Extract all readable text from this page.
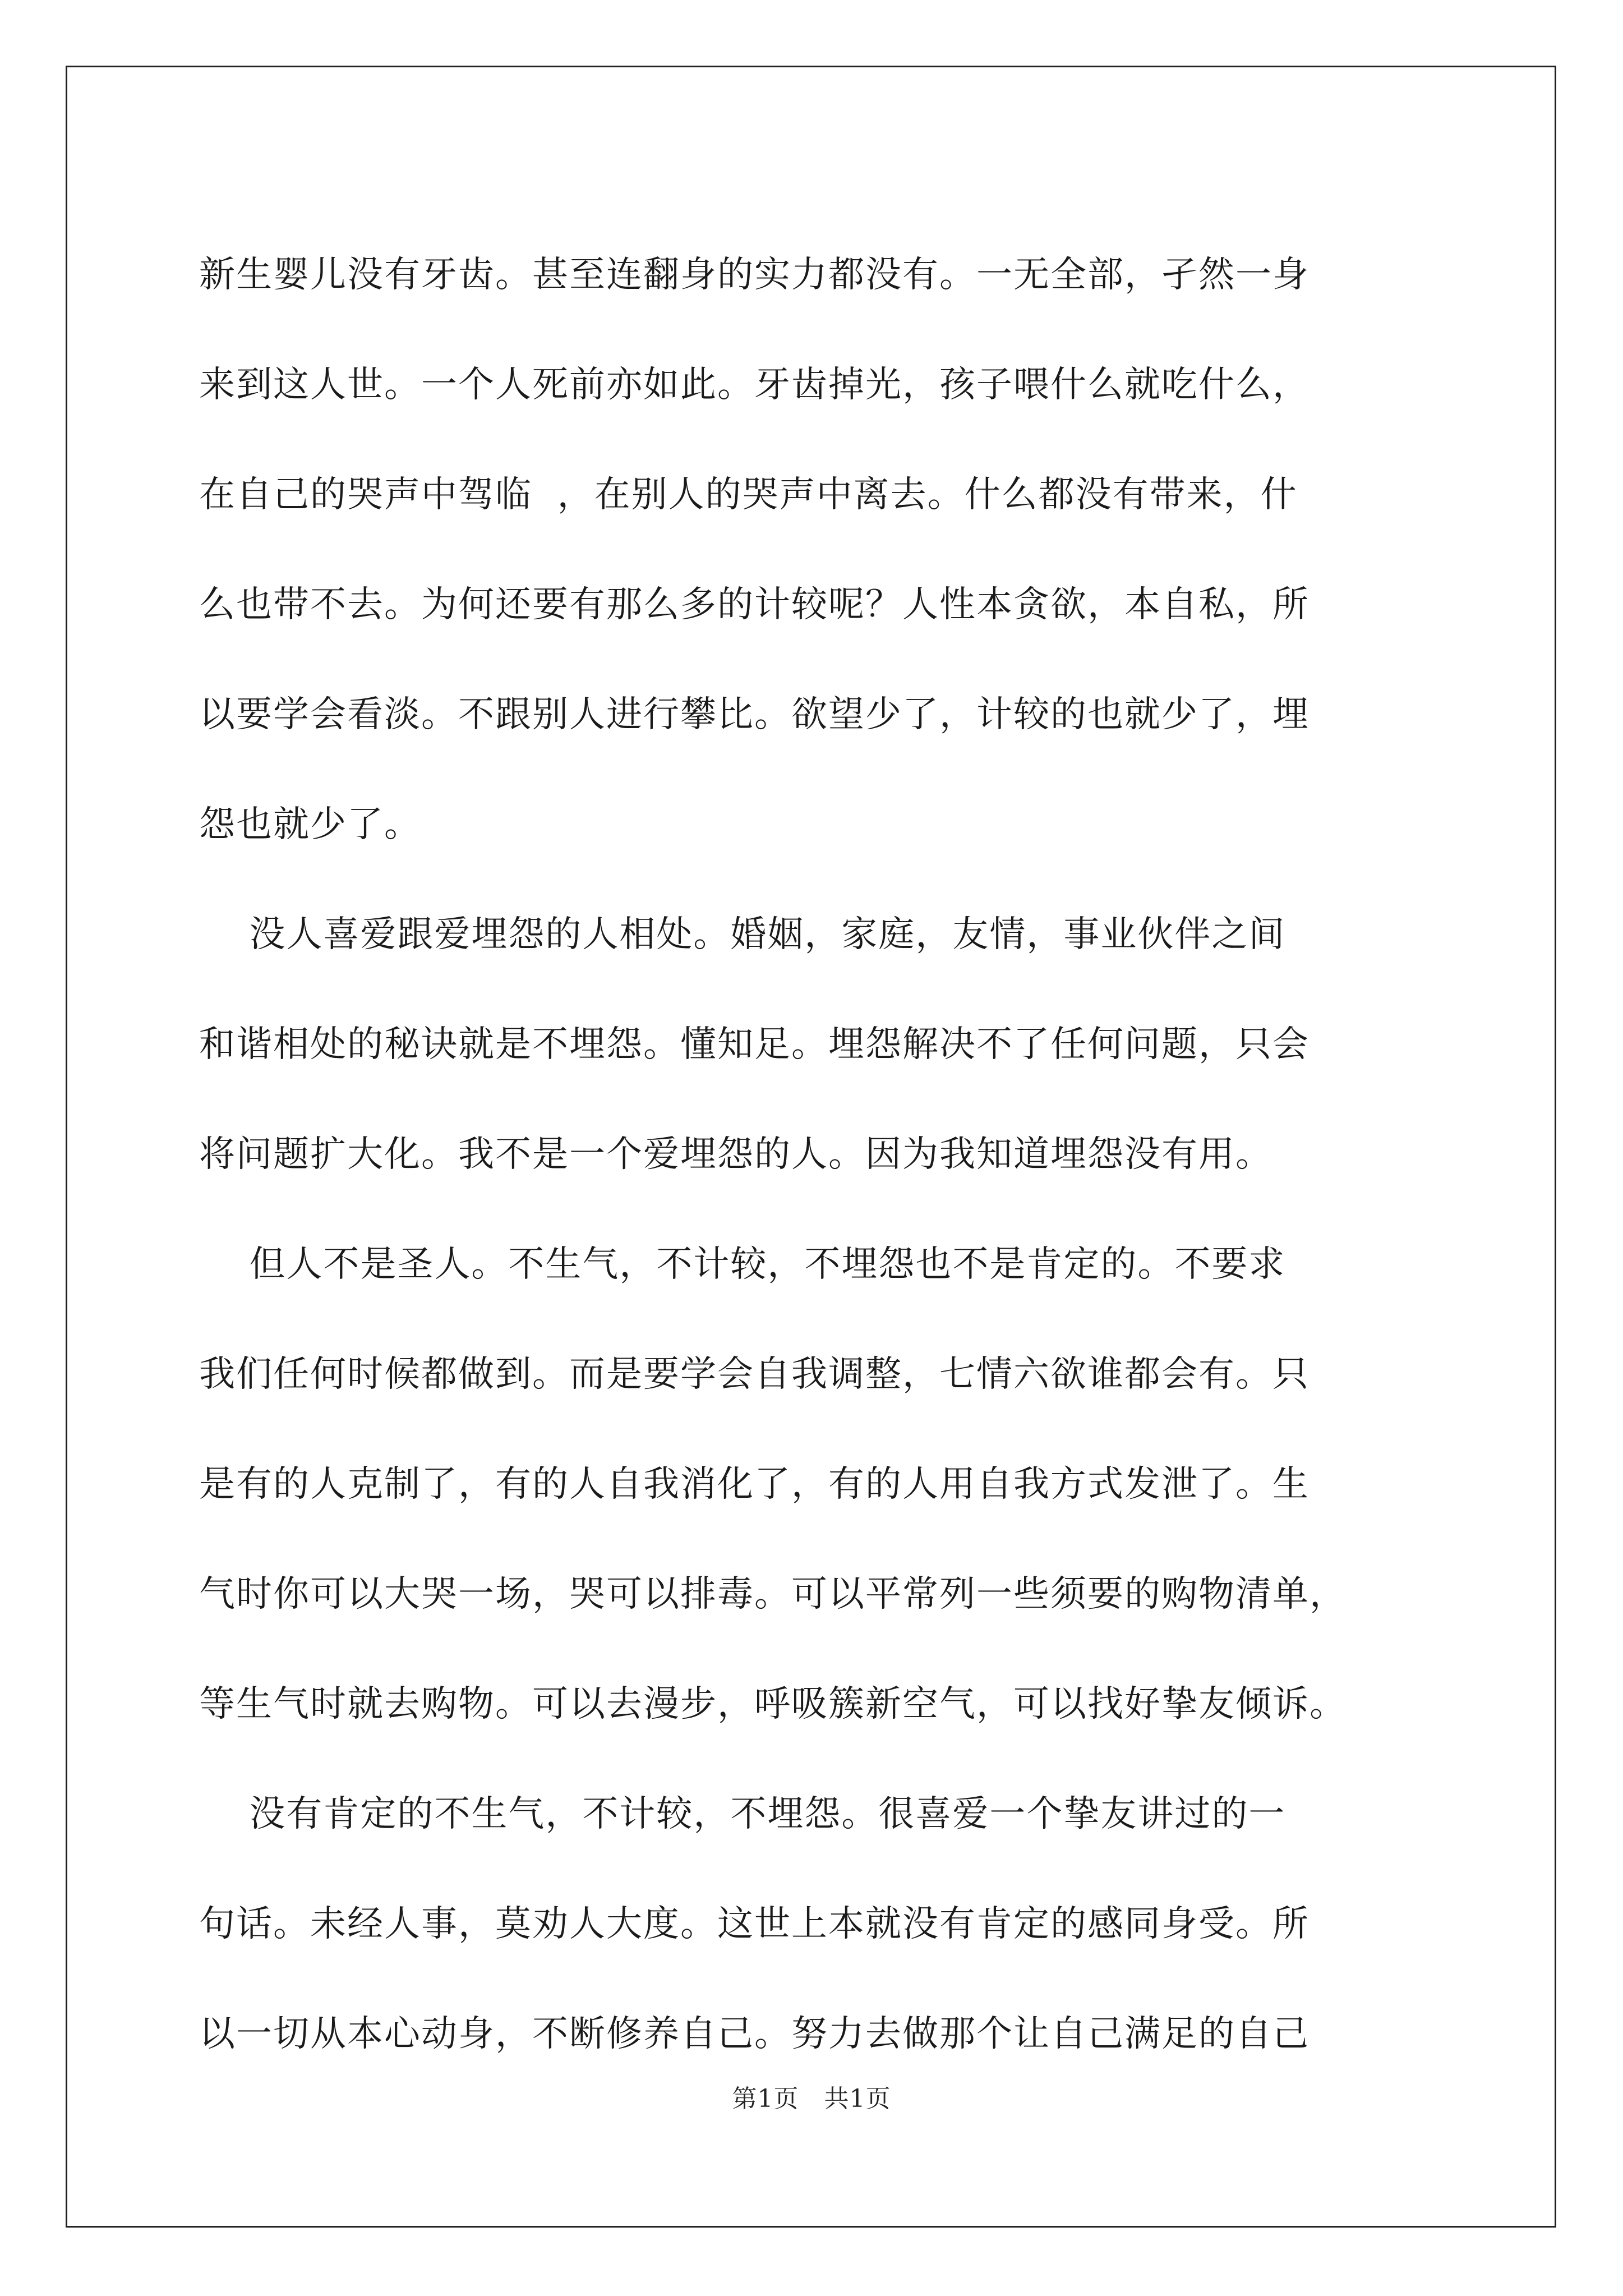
新生婴儿没有牙齿。甚至连翻身的实力都没有。一无全部，孑然一身
来到这人世。一个人死前亦如此。牙齿掉光，孩子喂什么就吃什么，
在自己的哭声中驾临  ，在别人的哭声中离去。什么都没有带来，什
么也带不去。为何还要有那么多的计较呢？人性本贪欲，本自私，所
以要学会看淡。不跟别人进行攀比。欲望少了，计较的也就少了，埋
怨也就少了。
没人喜爱跟爱埋怨的人相处。婚姻，家庭，友情，事业伙伴之间
和谐相处的秘诀就是不埋怨。懂知足。埋怨解决不了任何问题，只会
将问题扩大化。我不是一个爱埋怨的人。因为我知道埋怨没有用。
但人不是圣人。不生气，不计较，不埋怨也不是肯定的。不要求
我们任何时候都做到。而是要学会自我调整，七情六欲谁都会有。只
是有的人克制了，有的人自我消化了，有的人用自我方式发泄了。生
气时你可以大哭一场，哭可以排毒。可以平常列一些须要的购物清单，
等生气时就去购物。可以去漫步，呼吸簇新空气，可以找好挚友倾诉。
没有肯定的不生气，不计较，不埋怨。很喜爱一个挚友讲过的一
句话。未经人事，莫劝人大度。这世上本就没有肯定的感同身受。所
以一切从本心动身，不断修养自己。努力去做那个让自己满足的自己
第1页   共1页
